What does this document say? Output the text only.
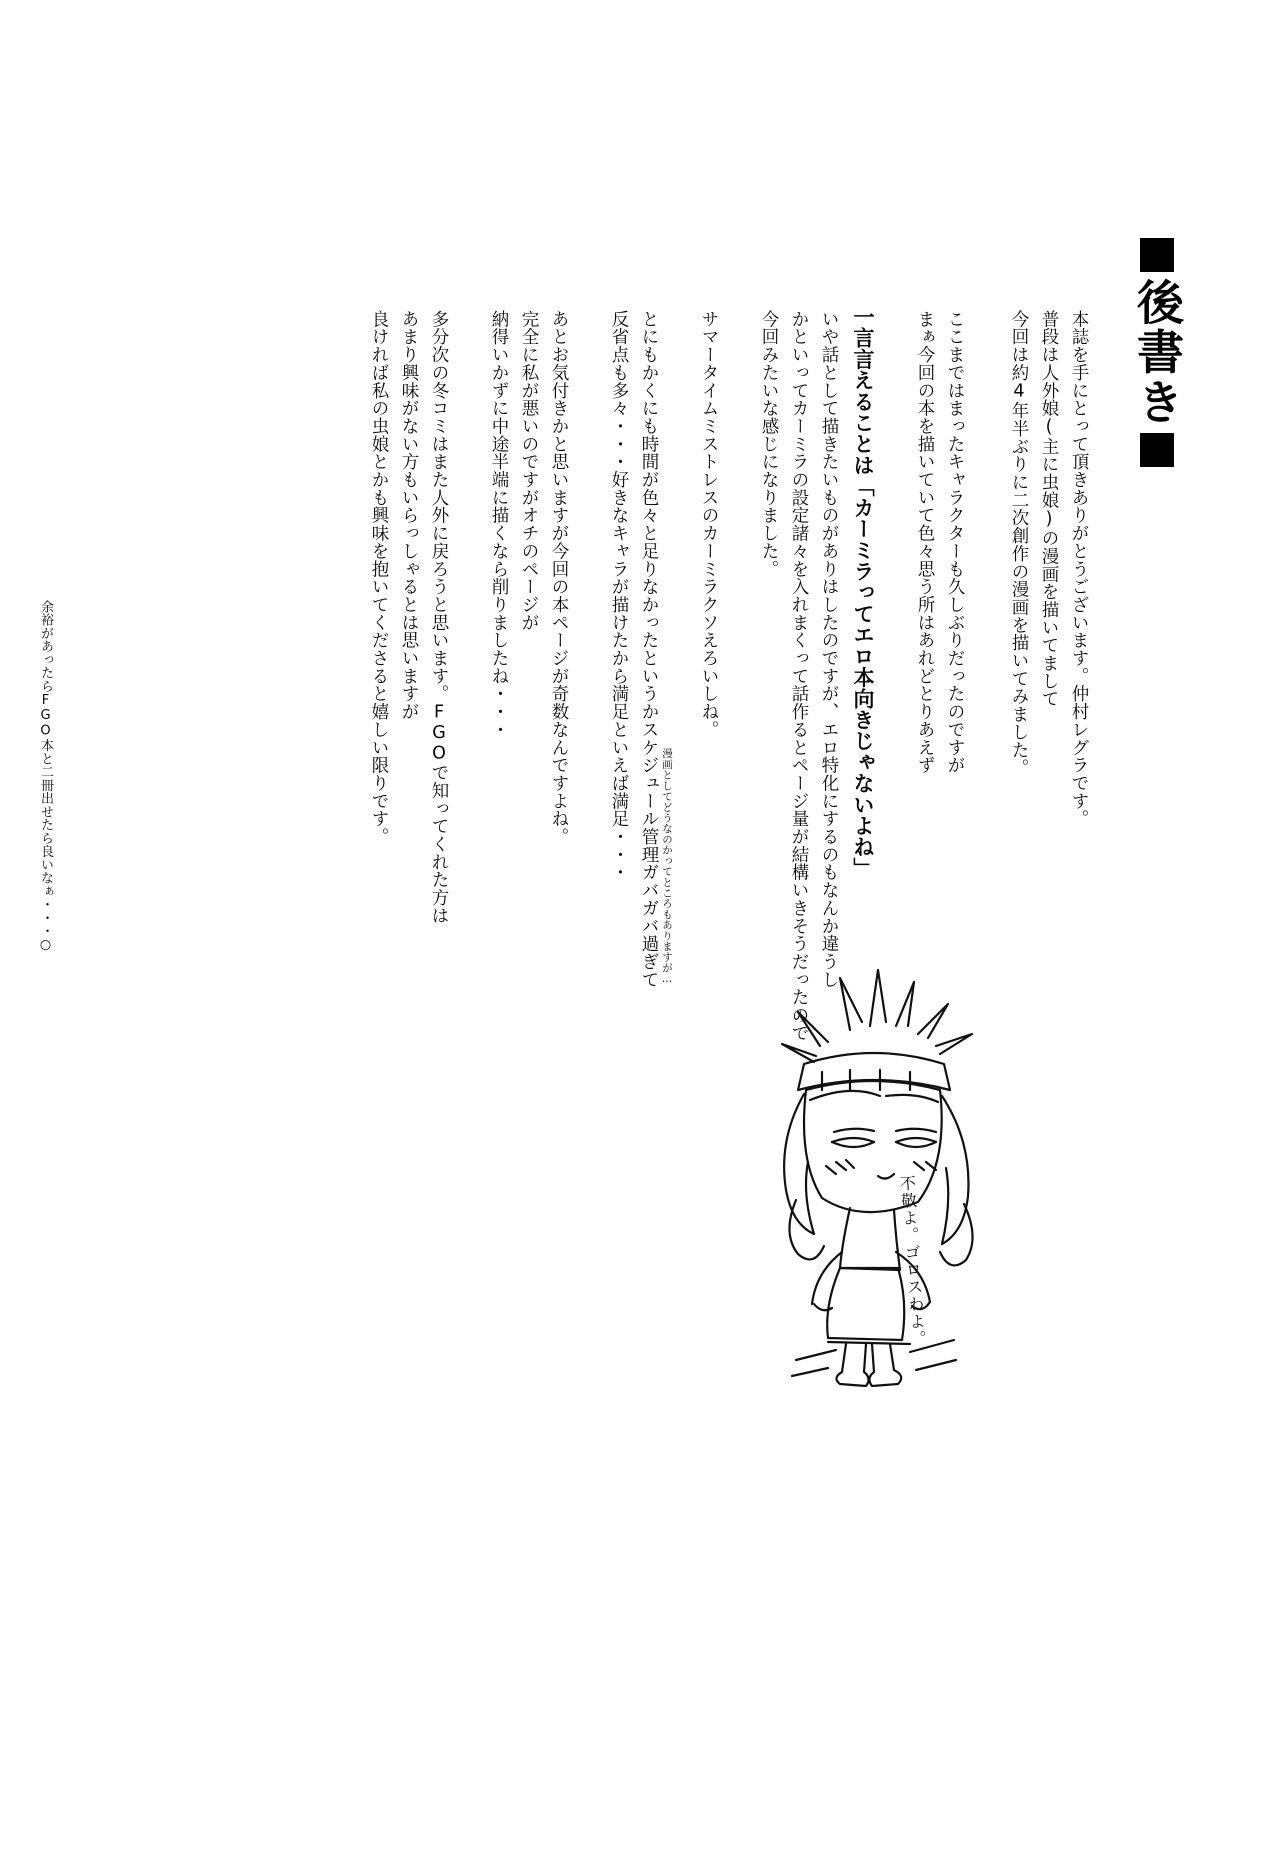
後書き
本誌を手にとって頂きありがとうございます。仲村レグラです。
普段は人外娘(主に虫娘)の漫画を描いてまして
今回は約4年半ぶりに二次創作の漫画を描いてみました。
ここまではまったキャラクターも久しぶりだったのですが
まぁ今回の本を描いていて色々思う所はあれどとりあえず
一言言えることは「カーミラってエロ本向きじゃないよね」
いや話として描きたいものがありはしたのですが、エロ特化にするのもなんか違うし
かといってカーミラの設定諸々を入れまくって話作るとページ量が結構いきそうだったので
今回みたいな感じになりました。
サマータイムミストレスのカーミラクソえろいしね。
とにもかくにも時間が色々と足りなかったというかスケジュール管理ガバガバ過ぎて
反省点も多々・・・好きなキャラが描けたから満足といえば満足・・・
あとお気付きかと思いますが今回の本ページが奇数なんですよね。
完全に私が悪いのですがオチのページが
納得いかずに中途半端に描くなら削りましたね・・・
多分次の冬コミはまた人外に戻ろうと思います。FGOで知ってくれた方は
あまり興味がない方もいらっしゃるとは思いますが
良ければ私の虫娘とかも興味を抱いてくださると嬉しい限りです。
漫画としてどうなのかってところもありますが…
余裕があったらFGO本と二冊出せたら良いなぁ・・・○
不敬よ。ゴロスわよ。
